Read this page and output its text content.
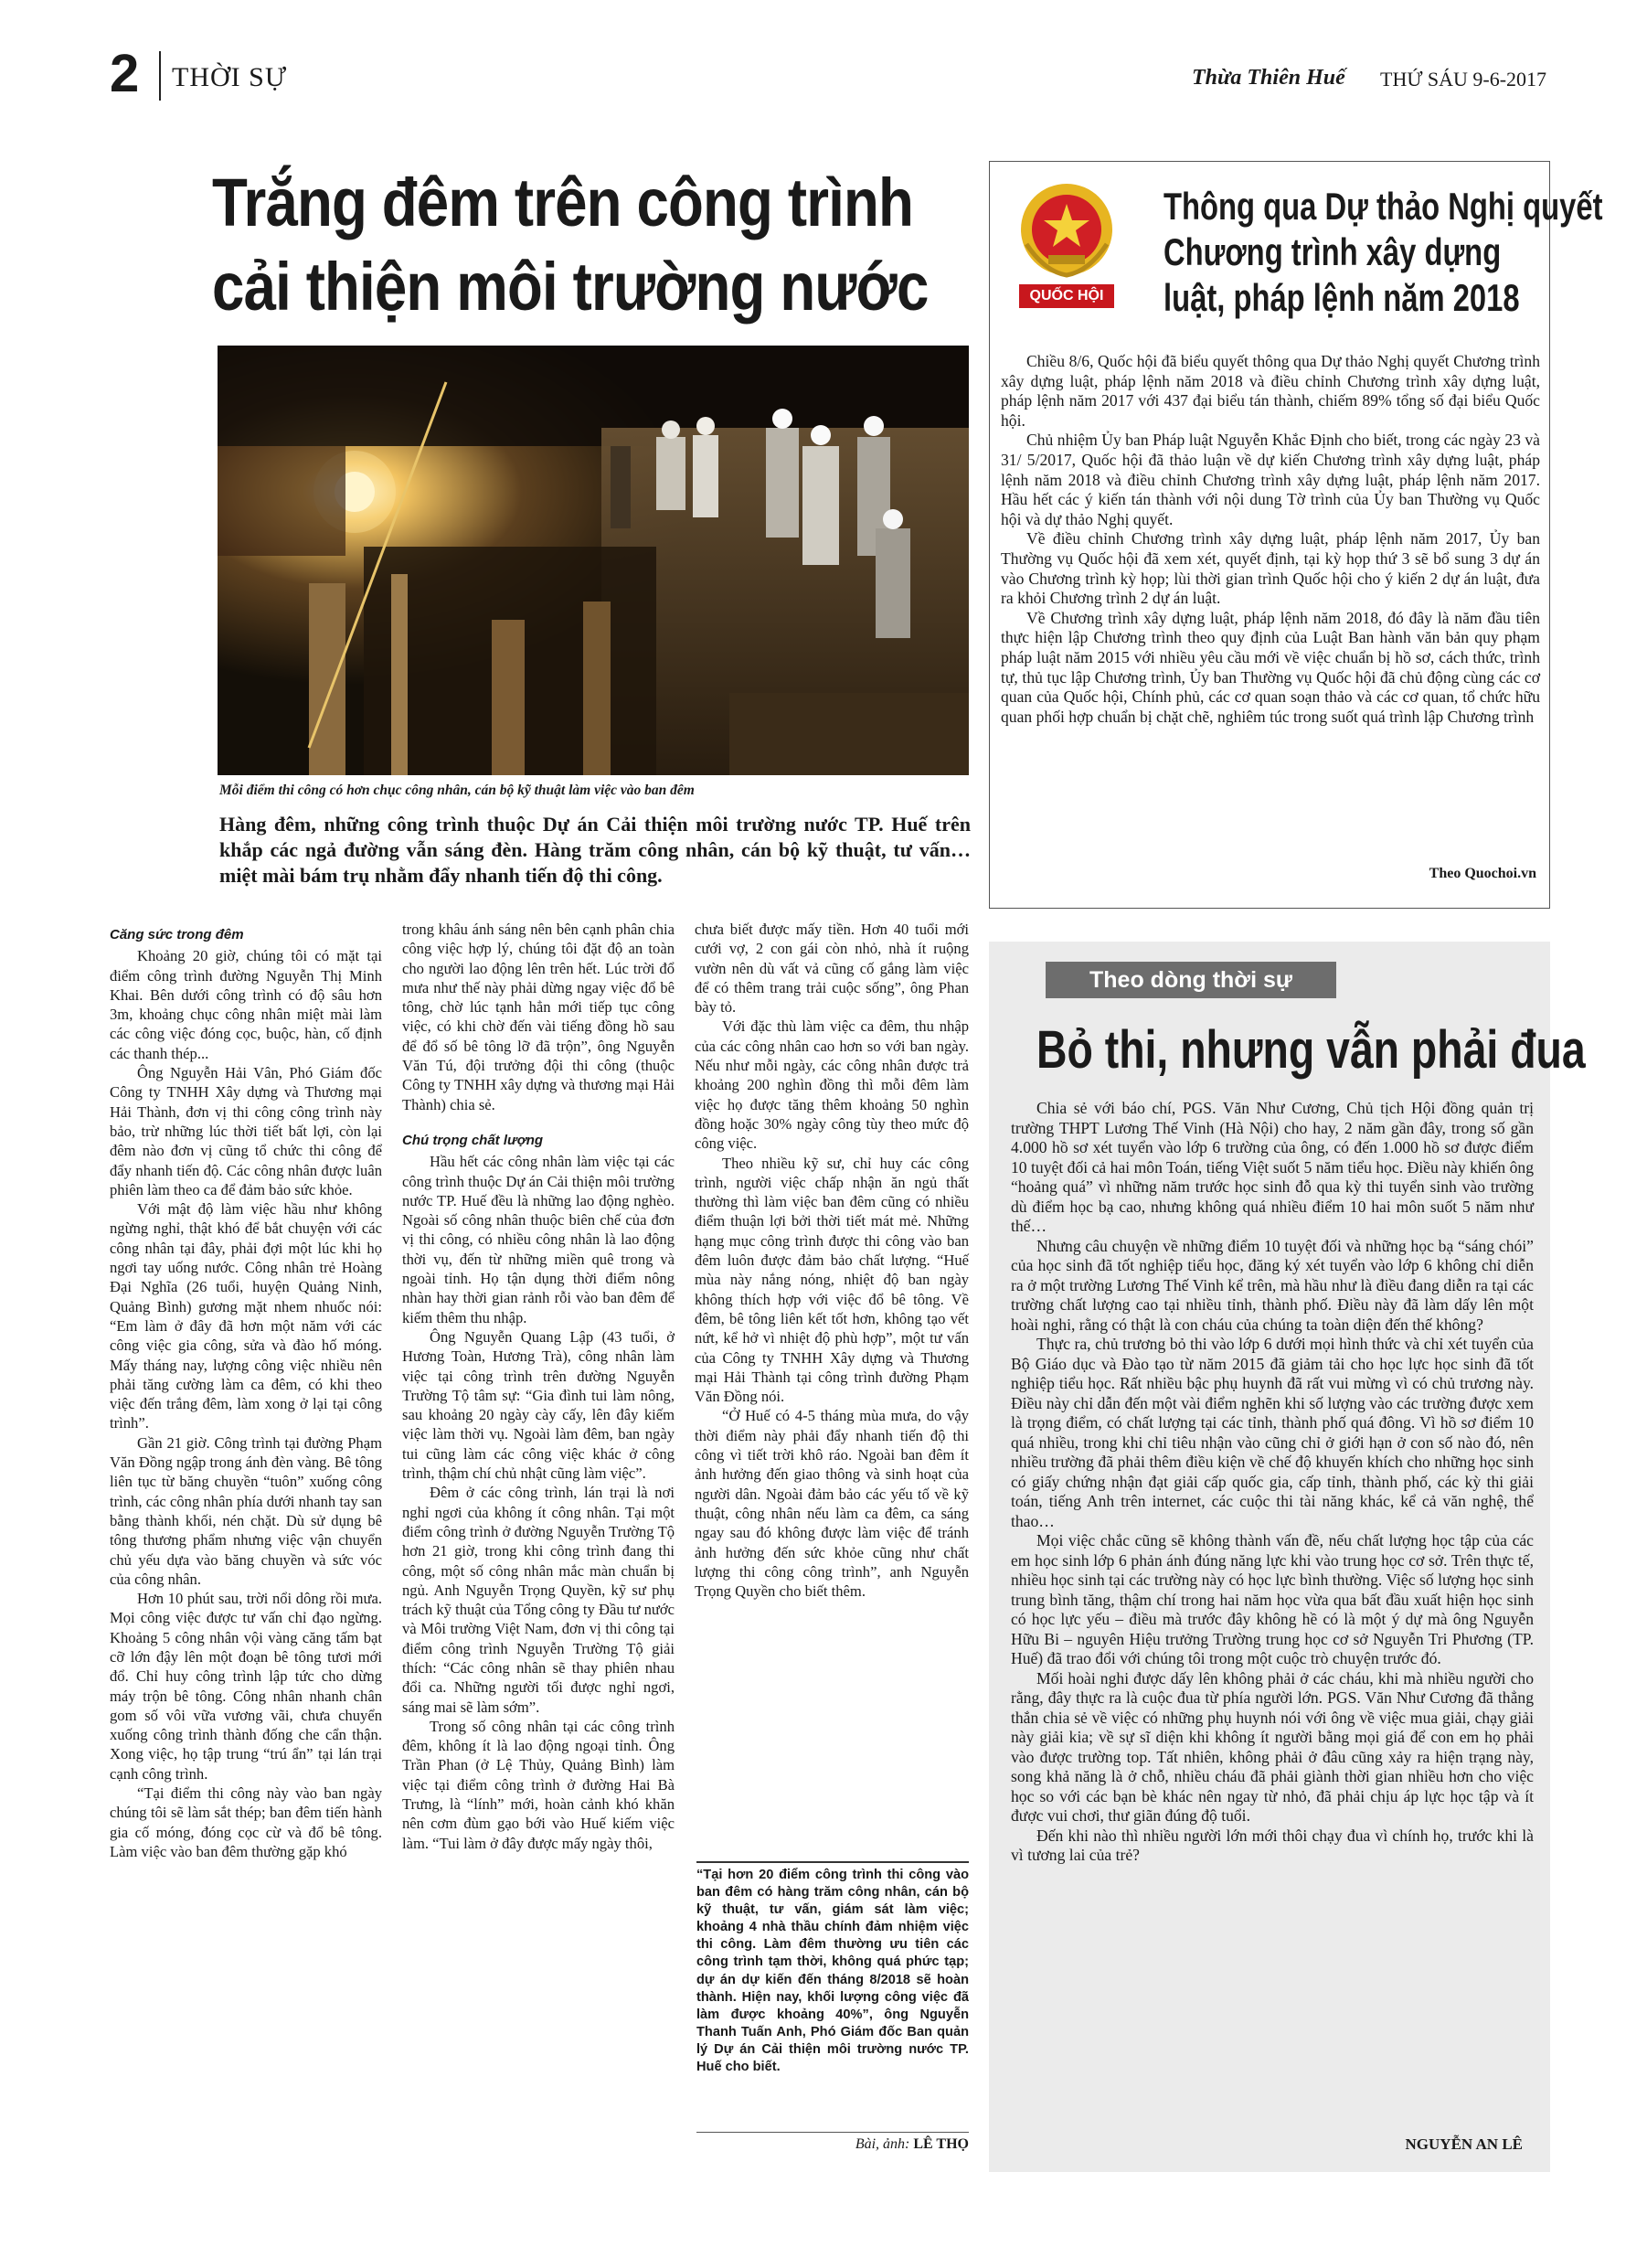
2 THỜI SỰ	Thừa Thiên Huế THỨ SÁU 9-6-2017
Trắng đêm trên công trình
cải thiện môi trường nước
Mỗi điểm thi công có hơn chục công nhân, cán bộ kỹ thuật làm việc vào ban đêm
Hàng đêm, những công trình thuộc Dự án Cải thiện môi trường nước TP. Huế trên khắp các ngả đường vẫn sáng đèn. Hàng trăm công nhân, cán bộ kỹ thuật, tư vấn… miệt mài bám trụ nhằm đẩy nhanh tiến độ thi công.

Căng sức trong đêm

Khoảng 20 giờ, chúng tôi có mặt tại điểm công trình đường Nguyễn Thị Minh Khai. Bên dưới công trình có độ sâu hơn 3m, khoảng chục công nhân miệt mài làm các công việc đóng cọc, buộc, hàn, cố định các thanh thép...

Ông Nguyễn Hải Vân, Phó Giám đốc Công ty TNHH Xây dựng và Thương mại Hải Thành, đơn vị thi công công trình này bảo, trừ những lúc thời tiết bất lợi, còn lại đêm nào đơn vị cũng tổ chức thi công để đẩy nhanh tiến độ. Các công nhân được luân phiên làm theo ca để đảm bảo sức khỏe.

Với mật độ làm việc hầu như không ngừng nghỉ, thật khó để bắt chuyện với các công nhân tại đây, phải đợi một lúc khi họ ngơi tay uống nước. Công nhân trẻ Hoàng Đại Nghĩa (26 tuổi, huyện Quảng Ninh, Quảng Bình) gương mặt nhem nhuốc nói: “Em làm ở đây đã hơn một năm với các công việc gia công, sửa và đào hố móng. Mấy tháng nay, lượng công việc nhiều nên phải tăng cường làm ca đêm, có khi theo việc đến trắng đêm, làm xong ở lại tại công trình”.

Gần 21 giờ. Công trình tại đường Phạm Văn Đồng ngập trong ánh đèn vàng. Bê tông liên tục từ băng chuyền “tuôn” xuống công trình, các công nhân phía dưới nhanh tay san bằng thành khối, nén chặt. Dù sử dụng bê tông thương phẩm nhưng việc vận chuyển chủ yếu dựa vào băng chuyền và sức vóc của công nhân.

Hơn 10 phút sau, trời nổi dông rồi mưa. Mọi công việc được tư vấn chỉ đạo ngừng. Khoảng 5 công nhân vội vàng căng tấm bạt cỡ lớn đậy lên một đoạn bê tông tươi mới đổ. Chỉ huy công trình lập tức cho dừng máy trộn bê tông. Công nhân nhanh chân gom số vôi vữa vương vãi, chưa chuyển xuống công trình thành đống che cẩn thận. Xong việc, họ tập trung “trú ẩn” tại lán trại cạnh công trình.

“Tại điểm thi công này vào ban ngày chúng tôi sẽ làm sắt thép; ban đêm tiến hành gia cố móng, đóng cọc cừ và đổ bê tông. Làm việc vào ban đêm thường gặp khó

trong khâu ánh sáng nên bên cạnh phân chia công việc hợp lý, chúng tôi đặt độ an toàn cho người lao động lên trên hết. Lúc trời đổ mưa như thế này phải dừng ngay việc đổ bê tông, chờ lúc tạnh hẳn mới tiếp tục công việc, có khi chờ đến vài tiếng đồng hồ sau để đổ số bê tông lỡ đã trộn”, ông Nguyễn Văn Tú, đội trưởng đội thi công (thuộc Công ty TNHH xây dựng và thương mại Hải Thành) chia sẻ.

Chú trọng chất lượng

Hầu hết các công nhân làm việc tại các công trình thuộc Dự án Cải thiện môi trường nước TP. Huế đều là những lao động nghèo. Ngoài số công nhân thuộc biên chế của đơn vị thi công, có nhiều công nhân là lao động thời vụ, đến từ những miền quê trong và ngoài tỉnh. Họ tận dụng thời điểm nông nhàn hay thời gian rảnh rỗi vào ban đêm để kiếm thêm thu nhập.

Ông Nguyễn Quang Lập (43 tuổi, ở Hương Toàn, Hương Trà), công nhân làm việc tại công trình trên đường Nguyễn Trường Tộ tâm sự: “Gia đình tui làm nông, sau khoảng 20 ngày cày cấy, lên đây kiếm việc làm thời vụ. Ngoài làm đêm, ban ngày tui cũng làm các công việc khác ở công trình, thậm chí chủ nhật cũng làm việc”.

Đêm ở các công trình, lán trại là nơi nghỉ ngơi của không ít công nhân. Tại một điểm công trình ở đường Nguyễn Trường Tộ hơn 21 giờ, trong khi công trình đang thi công, một số công nhân mắc màn chuẩn bị ngủ. Anh Nguyễn Trọng Quyền, kỹ sư phụ trách kỹ thuật của Tổng công ty Đầu tư nước và Môi trường Việt Nam, đơn vị thi công tại điểm công trình Nguyễn Trường Tộ giải thích: “Các công nhân sẽ thay phiên nhau đổi ca. Những người tối được nghỉ ngơi, sáng mai sẽ làm sớm”.

Trong số công nhân tại các công trình đêm, không ít là lao động ngoại tỉnh. Ông Trần Phan (ở Lệ Thủy, Quảng Bình) làm việc tại điểm công trình ở đường Hai Bà Trưng, là “lính” mới, hoàn cảnh khó khăn nên cơm đùm gạo bới vào Huế kiếm việc làm. “Tui làm ở đây được mấy ngày thôi,

chưa biết được mấy tiền. Hơn 40 tuổi mới cưới vợ, 2 con gái còn nhỏ, nhà ít ruộng vườn nên dù vất vả cũng cố gắng làm việc để có thêm trang trải cuộc sống”, ông Phan bày tỏ.

Với đặc thù làm việc ca đêm, thu nhập của các công nhân cao hơn so với ban ngày. Nếu như mỗi ngày, các công nhân được trả khoảng 200 nghìn đồng thì mỗi đêm làm việc họ được tăng thêm khoảng 50 nghìn đồng hoặc 30% ngày công tùy theo mức độ công việc.

Theo nhiều kỹ sư, chỉ huy các công trình, người việc chấp nhận ăn ngủ thất thường thì làm việc ban đêm cũng có nhiều điểm thuận lợi bởi thời tiết mát mẻ. Những hạng mục công trình được thi công vào ban đêm luôn được đảm bảo chất lượng. “Huế mùa này nắng nóng, nhiệt độ ban ngày không thích hợp với việc đổ bê tông. Về đêm, bê tông liên kết tốt hơn, không tạo vết nứt, kể hở vì nhiệt độ phù hợp”, một tư vấn của Công ty TNHH Xây dựng và Thương mại Hải Thành tại công trình đường Phạm Văn Đồng nói.

“Ở Huế có 4-5 tháng mùa mưa, do vậy thời điểm này phải đẩy nhanh tiến độ thi công vì tiết trời khô ráo. Ngoài ban đêm ít ảnh hưởng đến giao thông và sinh hoạt của người dân. Ngoài đảm bảo các yếu tố về kỹ thuật, công nhân nếu làm ca đêm, ca sáng ngay sau đó không được làm việc để tránh ảnh hưởng đến sức khỏe cũng như chất lượng thi công công trình”, anh Nguyễn Trọng Quyền cho biết thêm.

“Tại hơn 20 điểm công trình thi công vào ban đêm có hàng trăm công nhân, cán bộ kỹ thuật, tư vấn, giám sát làm việc; khoảng 4 nhà thầu chính đảm nhiệm việc thi công. Làm đêm thường ưu tiên các công trình tạm thời, không quá phức tạp; dự án dự kiến đến tháng 8/2018 sẽ hoàn thành. Hiện nay, khối lượng công việc đã làm được khoảng 40%”, ông Nguyễn Thanh Tuấn Anh, Phó Giám đốc Ban quản lý Dự án Cải thiện môi trường nước TP. Huế cho biết.
Bài, ảnh: LÊ THỌ
QUỐC HỘI
Thông qua Dự thảo Nghị quyết
Chương trình xây dựng
luật, pháp lệnh năm 2018

Chiều 8/6, Quốc hội đã biểu quyết thông qua Dự thảo Nghị quyết Chương trình xây dựng luật, pháp lệnh năm 2018 và điều chỉnh Chương trình xây dựng luật, pháp lệnh năm 2017 với 437 đại biểu tán thành, chiếm 89% tổng số đại biểu Quốc hội.

Chủ nhiệm Ủy ban Pháp luật Nguyễn Khắc Định cho biết, trong các ngày 23 và 31/ 5/2017, Quốc hội đã thảo luận về dự kiến Chương trình xây dựng luật, pháp lệnh năm 2018 và điều chỉnh Chương trình xây dựng luật, pháp lệnh năm 2017. Hầu hết các ý kiến tán thành với nội dung Tờ trình của Ủy ban Thường vụ Quốc hội và dự thảo Nghị quyết.

Về điều chỉnh Chương trình xây dựng luật, pháp lệnh năm 2017, Ủy ban Thường vụ Quốc hội đã xem xét, quyết định, tại kỳ họp thứ 3 sẽ bổ sung 3 dự án vào Chương trình kỳ họp; lùi thời gian trình Quốc hội cho ý kiến 2 dự án luật, đưa ra khỏi Chương trình 2 dự án luật.

Về Chương trình xây dựng luật, pháp lệnh năm 2018, đó đây là năm đầu tiên thực hiện lập Chương trình theo quy định của Luật Ban hành văn bản quy phạm pháp luật năm 2015 với nhiều yêu cầu mới về việc chuẩn bị hồ sơ, cách thức, trình tự, thủ tục lập Chương trình, Ủy ban Thường vụ Quốc hội đã chủ động cùng các cơ quan của Quốc hội, Chính phủ, các cơ quan soạn thảo và các cơ quan, tổ chức hữu quan phối hợp chuẩn bị chặt chẽ, nghiêm túc trong suốt quá trình lập Chương trình

Theo Quochoi.vn
Theo dòng thời sự
Bỏ thi, nhưng vẫn phải đua

Chia sẻ với báo chí, PGS. Văn Như Cương, Chủ tịch Hội đồng quản trị trường THPT Lương Thế Vinh (Hà Nội) cho hay, 2 năm gần đây, trong số gần 4.000 hồ sơ xét tuyển vào lớp 6 trường của ông, có đến 1.000 hồ sơ được điểm 10 tuyệt đối cả hai môn Toán, tiếng Việt suốt 5 năm tiểu học. Điều này khiến ông “hoảng quá” vì những năm trước học sinh đỗ qua kỳ thi tuyển sinh vào trường dù điểm học bạ cao, nhưng không quá nhiều điểm 10 hai môn suốt 5 năm như thế…

Nhưng câu chuyện về những điểm 10 tuyệt đối và những học bạ “sáng chói” của học sinh đã tốt nghiệp tiểu học, đăng ký xét tuyển vào lớp 6 không chỉ diễn ra ở một trường Lương Thế Vinh kể trên, mà hầu như là điều đang diễn ra tại các trường chất lượng cao tại nhiều tỉnh, thành phố. Điều này đã làm dấy lên một hoài nghi, rằng có thật là con cháu của chúng ta toàn diện đến thế không?

Thực ra, chủ trương bỏ thi vào lớp 6 dưới mọi hình thức và chỉ xét tuyển của Bộ Giáo dục và Đào tạo từ năm 2015 đã giảm tải cho học lực học sinh đã tốt nghiệp tiểu học. Rất nhiều bậc phụ huynh đã rất vui mừng vì có chủ trương này. Điều này chỉ dẫn đến một vài điểm nghẽn khi số lượng vào các trường được xem là trọng điểm, có chất lượng tại các tỉnh, thành phố quá đông. Vì hồ sơ điểm 10 quá nhiều, trong khi chỉ tiêu nhận vào cũng chỉ ở giới hạn ở con số nào đó, nên nhiều trường đã phải thêm điều kiện về chế độ khuyến khích cho những học sinh có giấy chứng nhận đạt giải cấp quốc gia, cấp tỉnh, thành phố, các kỳ thi giải toán, tiếng Anh trên internet, các cuộc thi tài năng khác, kể cả văn nghệ, thể thao…

Mọi việc chắc cũng sẽ không thành vấn đề, nếu chất lượng học tập của các em học sinh lớp 6 phản ánh đúng năng lực khi vào trung học cơ sở. Trên thực tế, nhiều học sinh tại các trường này có học lực bình thường. Việc số lượng học sinh trung bình tăng, thậm chí trong hai năm học vừa qua bất đầu xuất hiện học sinh có học lực yếu – điều mà trước đây không hề có là một ý dự mà ông Nguyễn Hữu Bi – nguyên Hiệu trưởng Trường trung học cơ sở Nguyễn Tri Phương (TP. Huế) đã trao đổi với chúng tôi trong một cuộc trò chuyện trước đó.

Mối hoài nghi được dấy lên không phải ở các cháu, khi mà nhiều người cho rằng, đây thực ra là cuộc đua từ phía người lớn. PGS. Văn Như Cương đã thẳng thắn chia sẻ về việc có những phụ huynh nói với ông về việc mua giải, chạy giải này giải kia; về sự sĩ diện khi không ít người bằng mọi giá để con em họ phải vào được trường top. Tất nhiên, không phải ở đâu cũng xảy ra hiện trạng này, song khả năng là ở chỗ, nhiều cháu đã phải giành thời gian nhiều hơn cho việc học so với các bạn bè khác nên ngay từ nhỏ, đã phải chịu áp lực học tập và ít được vui chơi, thư giãn đúng độ tuổi.

Đến khi nào thì nhiều người lớn mới thôi chạy đua vì chính họ, trước khi là vì tương lai của trẻ?

NGUYỄN AN LÊ
